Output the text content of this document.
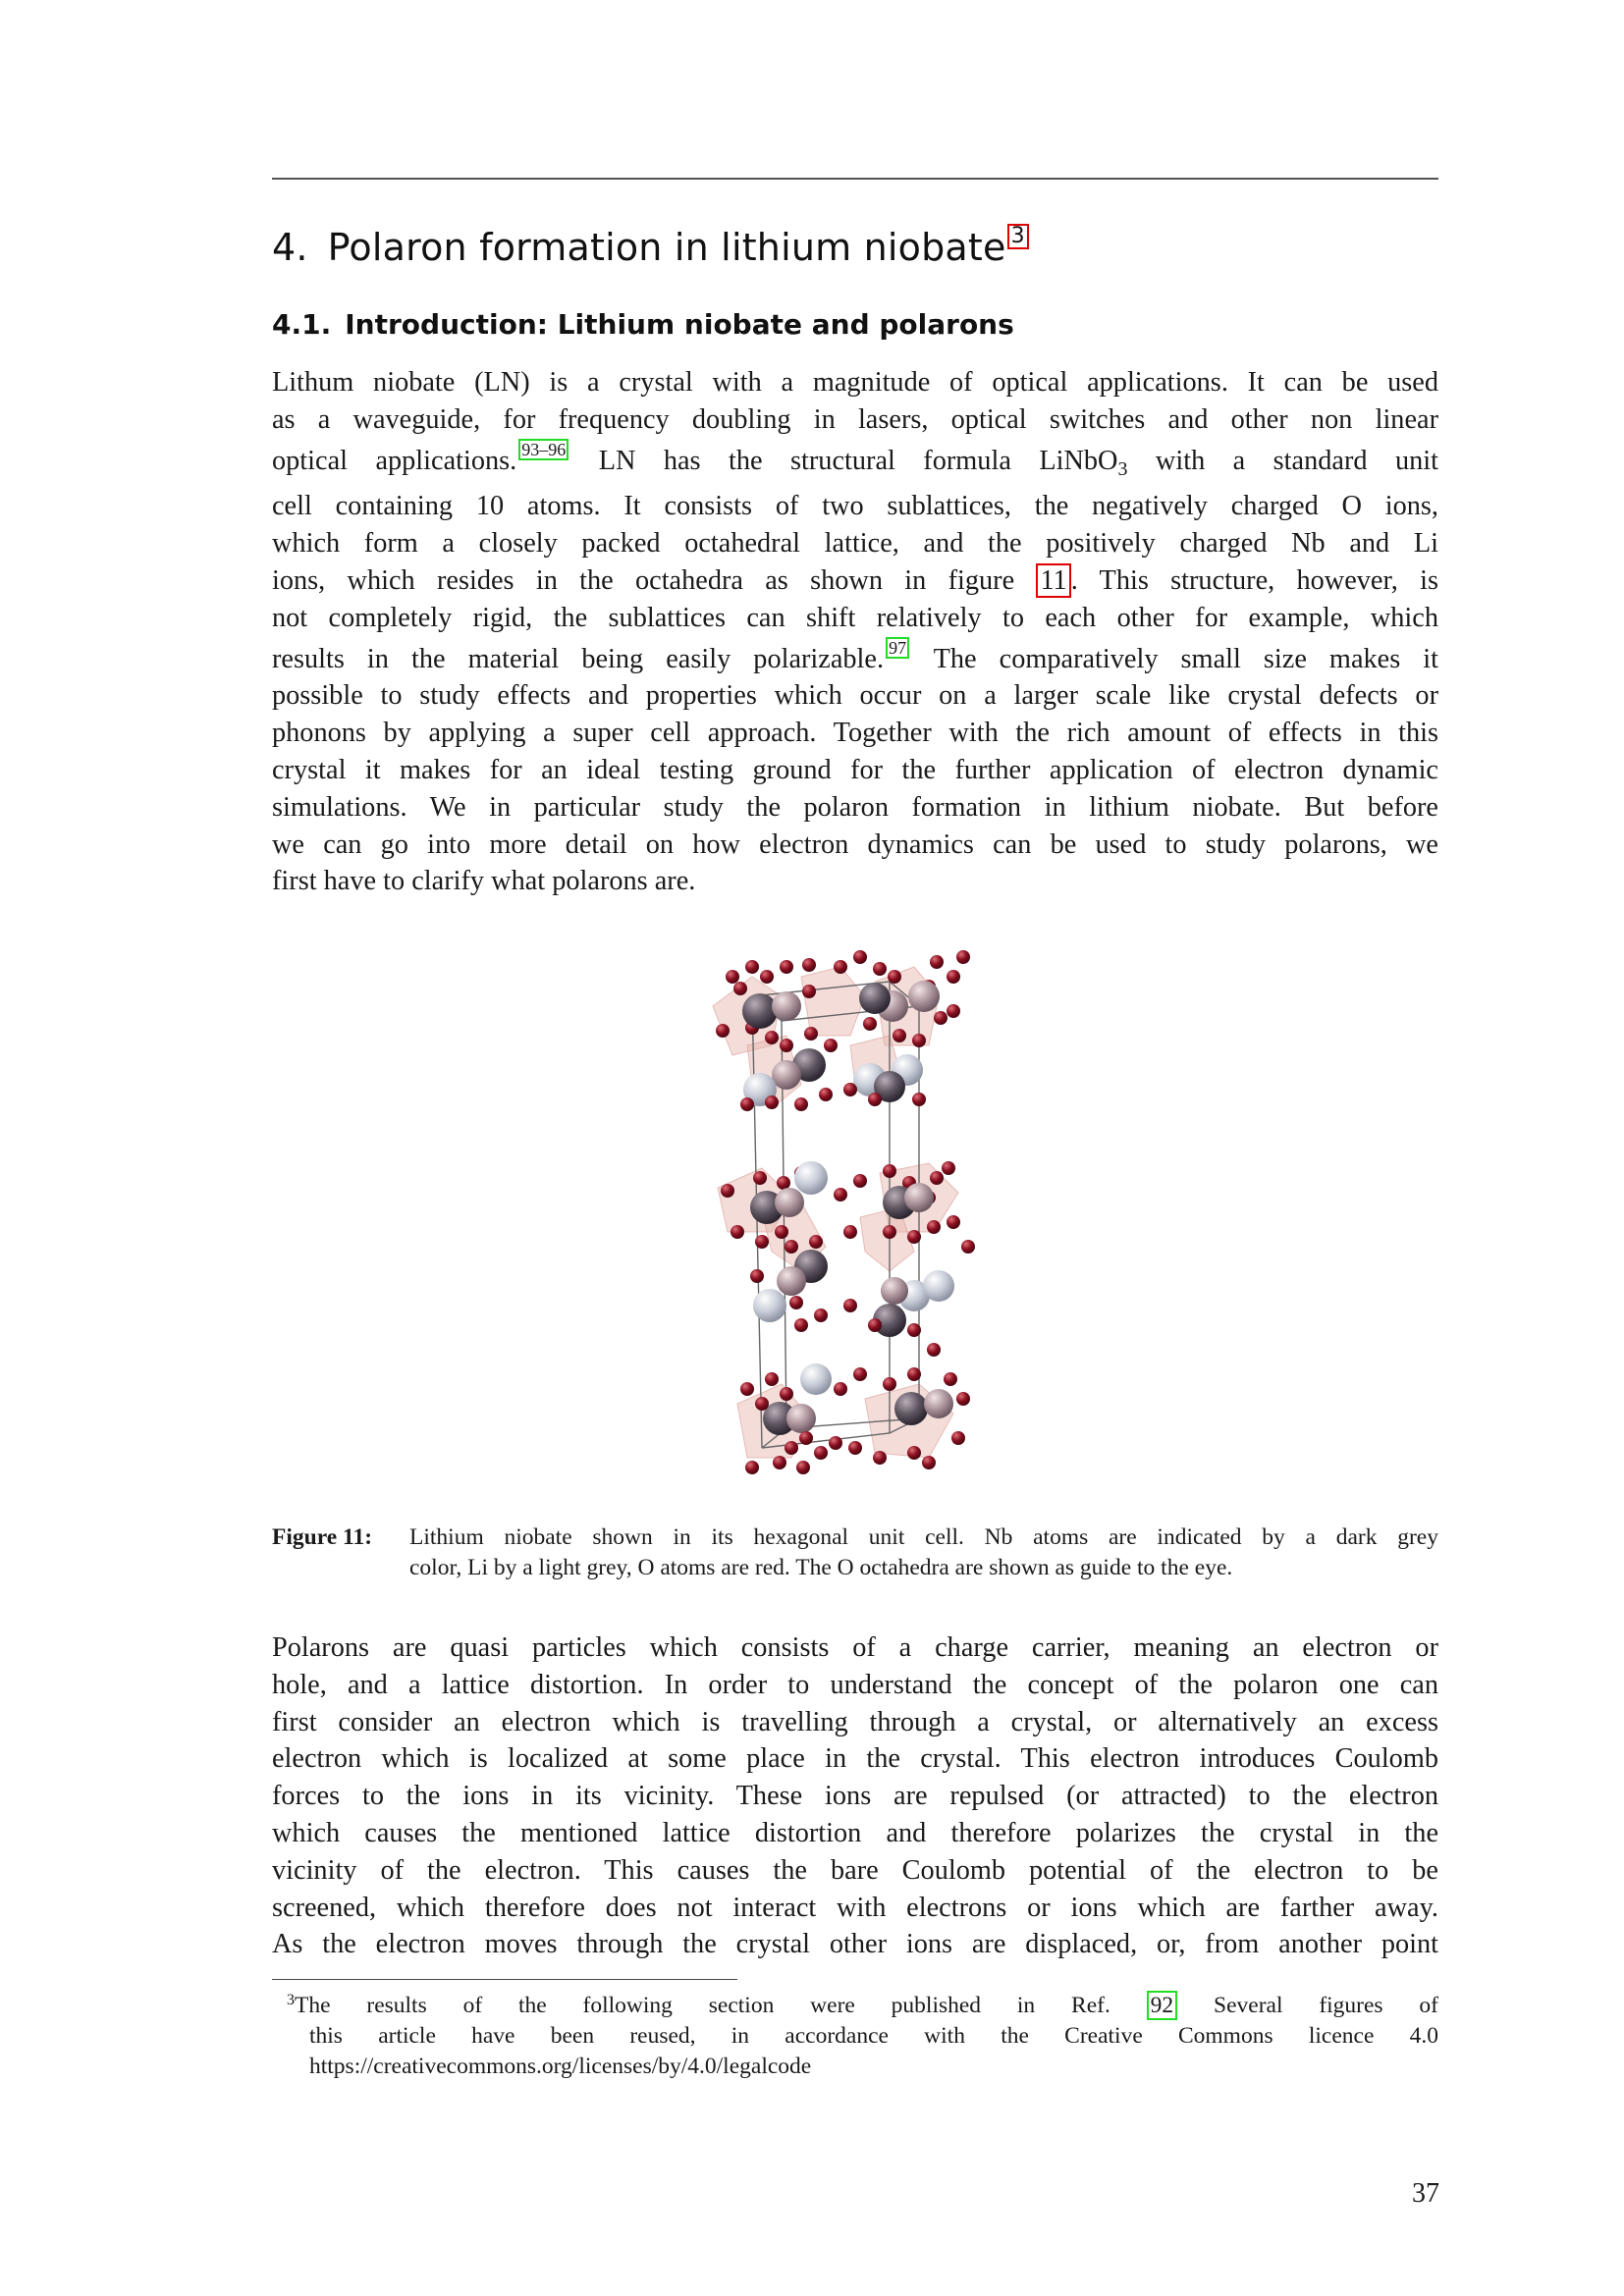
4. Polaron formation in lithium niobate 3
4.1. Introduction: Lithium niobate and polarons
Lithum niobate (LN) is a crystal with a magnitude of optical applications. It can be used
as a waveguide, for frequency doubling in lasers, optical switches and other non linear
optical applications. 93–96 LN has the structural formula LiNbO$_3$ with a standard unit
cell containing 10 atoms. It consists of two sublattices, the negatively charged O ions,
which form a closely packed octahedral lattice, and the positively charged Nb and Li
ions, which resides in the octahedra as shown in figure 11 . This structure, however, is
not completely rigid, the sublattices can shift relatively to each other for example, which
results in the material being easily polarizable. 97 The comparatively small size makes it
possible to study effects and properties which occur on a larger scale like crystal defects or
phonons by applying a super cell approach. Together with the rich amount of effects in this
crystal it makes for an ideal testing ground for the further application of electron dynamic
simulations. We in particular study the polaron formation in lithium niobate. But before
we can go into more detail on how electron dynamics can be used to study polarons, we
first have to clarify what polarons are.
Figure 11: Lithium niobate shown in its hexagonal unit cell. Nb atoms are indicated by a dark grey
color, Li by a light grey, O atoms are red. The O octahedra are shown as guide to the eye.
Polarons are quasi particles which consists of a charge carrier, meaning an electron or
hole, and a lattice distortion. In order to understand the concept of the polaron one can
first consider an electron which is travelling through a crystal, or alternatively an excess
electron which is localized at some place in the crystal. This electron introduces Coulomb
forces to the ions in its vicinity. These ions are repulsed (or attracted) to the electron
which causes the mentioned lattice distortion and therefore polarizes the crystal in the
vicinity of the electron. This causes the bare Coulomb potential of the electron to be
screened, which therefore does not interact with electrons or ions which are farther away.
As the electron moves through the crystal other ions are displaced, or, from another point
$^3$The results of the following section were published in Ref. 92 Several figures of
this article have been reused, in accordance with the Creative Commons licence 4.0
https://creativecommons.org/licenses/by/4.0/legalcode
37
